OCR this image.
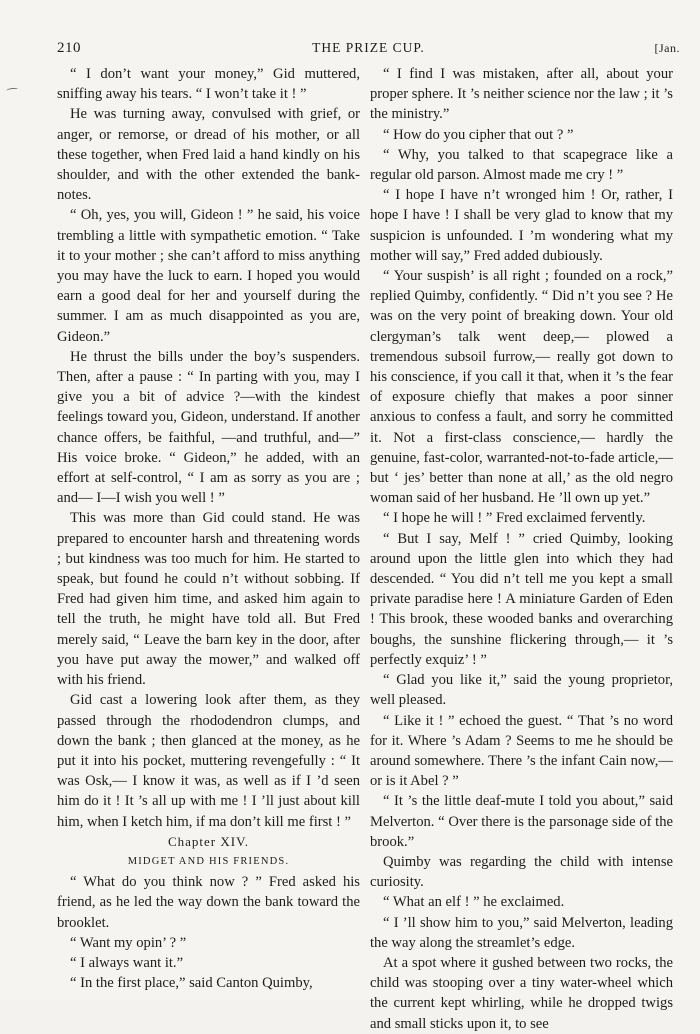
210	THE PRIZE CUP.	[Jan.

“ I don’t want your money,” Gid muttered, sniffing away his tears. “ I won’t take it ! ”

He was turning away, convulsed with grief, or anger, or remorse, or dread of his mother, or all these together, when Fred laid a hand kindly on his shoulder, and with the other extended the bank-notes.

“ Oh, yes, you will, Gideon ! ” he said, his voice trembling a little with sympathetic emotion. “ Take it to your mother ; she can’t afford to miss anything you may have the luck to earn. I hoped you would earn a good deal for her and yourself during the summer. I am as much disappointed as you are, Gideon.”

He thrust the bills under the boy’s suspenders. Then, after a pause : “ In parting with you, may I give you a bit of advice ?—with the kindest feelings toward you, Gideon, understand. If another chance offers, be faithful, —and truthful, and—” His voice broke. “ Gideon,” he added, with an effort at self-control, “ I am as sorry as you are ; and— I—I wish you well ! ”

This was more than Gid could stand. He was prepared to encounter harsh and threatening words ; but kindness was too much for him. He started to speak, but found he could n’t without sobbing. If Fred had given him time, and asked him again to tell the truth, he might have told all. But Fred merely said, “ Leave the barn key in the door, after you have put away the mower,” and walked off with his friend.

Gid cast a lowering look after them, as they passed through the rhododendron clumps, and down the bank ; then glanced at the money, as he put it into his pocket, muttering revengefully : “ It was Osk,— I know it was, as well as if I ’d seen him do it ! It ’s all up with me ! I ’ll just about kill him, when I ketch him, if ma don’t kill me first ! ”

Chapter XIV.

MIDGET AND HIS FRIENDS.

“ What do you think now ? ” Fred asked his friend, as he led the way down the bank toward the brooklet.

“ Want my opin’ ? ”

“ I always want it.”

“ In the first place,” said Canton Quimby,

“ I find I was mistaken, after all, about your proper sphere. It ’s neither science nor the law ; it ’s the ministry.”

“ How do you cipher that out ? ”

“ Why, you talked to that scapegrace like a regular old parson. Almost made me cry ! ”

“ I hope I have n’t wronged him ! Or, rather, I hope I have ! I shall be very glad to know that my suspicion is unfounded. I ’m wondering what my mother will say,” Fred added dubiously.

“ Your suspish’ is all right ; founded on a rock,” replied Quimby, confidently. “ Did n’t you see ? He was on the very point of breaking down. Your old clergyman’s talk went deep,— plowed a tremendous subsoil furrow,— really got down to his conscience, if you call it that, when it ’s the fear of exposure chiefly that makes a poor sinner anxious to confess a fault, and sorry he committed it. Not a first-class conscience,— hardly the genuine, fast-color, warranted-not-to-fade article,— but ‘ jes’ better than none at all,’ as the old negro woman said of her husband. He ’ll own up yet.”

“ I hope he will ! ” Fred exclaimed fervently.

“ But I say, Melf ! ” cried Quimby, looking around upon the little glen into which they had descended. “ You did n’t tell me you kept a small private paradise here ! A miniature Garden of Eden ! This brook, these wooded banks and overarching boughs, the sunshine flickering through,— it ’s perfectly exquiz’ ! ”

“ Glad you like it,” said the young proprietor, well pleased.

“ Like it ! ” echoed the guest. “ That ’s no word for it. Where ’s Adam ? Seems to me he should be around somewhere. There ’s the infant Cain now,—or is it Abel ? ”

“ It ’s the little deaf-mute I told you about,” said Melverton. “ Over there is the parsonage side of the brook.”

Quimby was regarding the child with intense curiosity.

“ What an elf ! ” he exclaimed.

“ I ’ll show him to you,” said Melverton, leading the way along the streamlet’s edge.

At a spot where it gushed between two rocks, the child was stooping over a tiny water-wheel which the current kept whirling, while he dropped twigs and small sticks upon it, to see
